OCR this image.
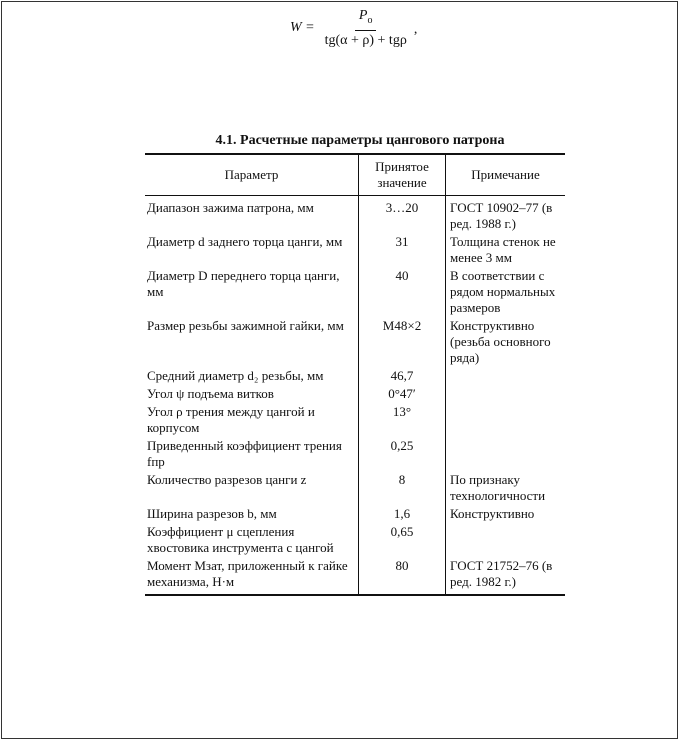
$W = \frac{P_o}{\text{tg(α + ρ) + tgρ}}$ ,
4.1. Расчетные параметры цангового патрона
Параметр	Принятое значение	Примечание
Диапазон зажима патрона, мм	3…20	ГОСТ 10902–77 (в ред. 1988 г.)
Диаметр d заднего торца цанги, мм	31	Толщина стенок не менее 3 мм
Диаметр D переднего торца цанги, мм	40	В соответствии с рядом нормальных размеров
Размер резьбы зажимной гайки, мм	М48×2	Конструктивно (резьба основного ряда)
Средний диаметр d₂ резьбы, мм	46,7	
Угол ψ подъема витков	0°47′	
Угол ρ трения между цангой и корпусом	13°	
Приведенный коэффициент трения fпр	0,25	
Количество разрезов цанги z	8	По признаку технологичности
Ширина разрезов b, мм	1,6	Конструктивно
Коэффициент μ сцепления хвостовика инструмента с цангой	0,65	
Момент Mзат, приложенный к гайке механизма, Н·м	80	ГОСТ 21752–76 (в ред. 1982 г.)
